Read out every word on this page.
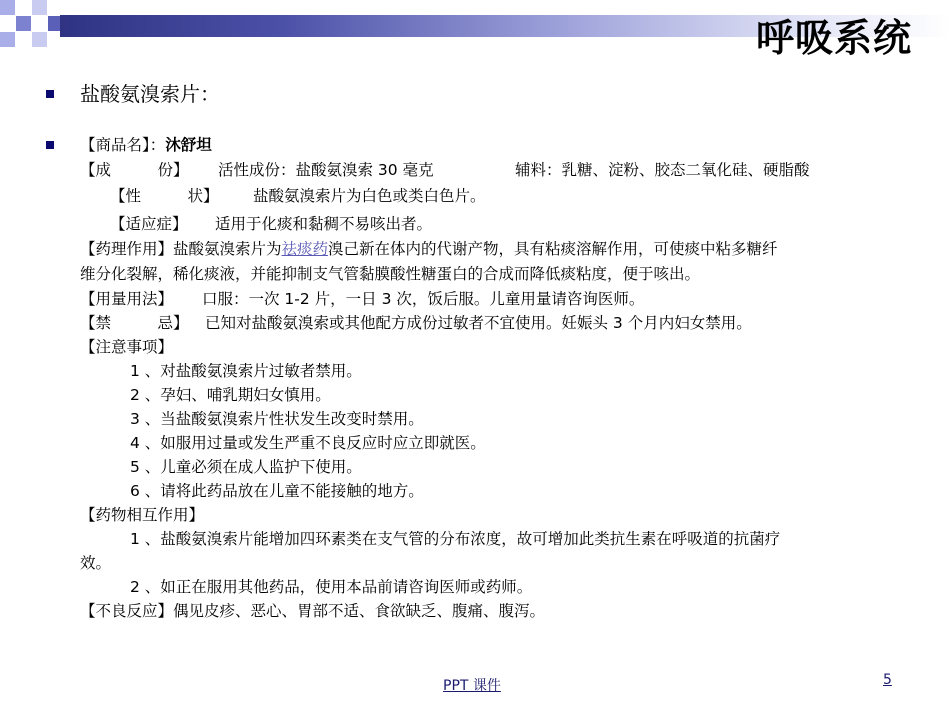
呼吸系统
盐酸氨溴索片：
【商品名】：沐舒坦
【成　　　份】 活性成份：盐酸氨溴索 30 毫克	辅料：乳糖、淀粉、胶态二氧化硅、硬脂酸
【性　　　状】 盐酸氨溴索片为白色或类白色片。
【适应症】 适用于化痰和黏稠不易咳出者。
【药理作用】盐酸氨溴索片为祛痰药溴己新在体内的代谢产物，具有粘痰溶解作用，可使痰中粘多糖纤
维分化裂解，稀化痰液，并能抑制支气管黏膜酸性糖蛋白的合成而降低痰粘度，便于咳出。
【用量用法】 口服：一次 1-2 片，一日 3 次，饭后服。儿童用量请咨询医师。
【禁　　　忌】 已知对盐酸氨溴索或其他配方成份过敏者不宜使用。妊娠头 3 个月内妇女禁用。
【注意事项】
1 、对盐酸氨溴索片过敏者禁用。
2 、孕妇、哺乳期妇女慎用。
3 、当盐酸氨溴索片性状发生改变时禁用。
4 、如服用过量或发生严重不良反应时应立即就医。
5 、儿童必须在成人监护下使用。
6 、请将此药品放在儿童不能接触的地方。
【药物相互作用】
1 、盐酸氨溴索片能增加四环素类在支气管的分布浓度，故可增加此类抗生素在呼吸道的抗菌疗
效。
2 、如正在服用其他药品，使用本品前请咨询医师或药师。
【不良反应】偶见皮疹、恶心、胃部不适、食欲缺乏、腹痛、腹泻。
PPT 课件	5
